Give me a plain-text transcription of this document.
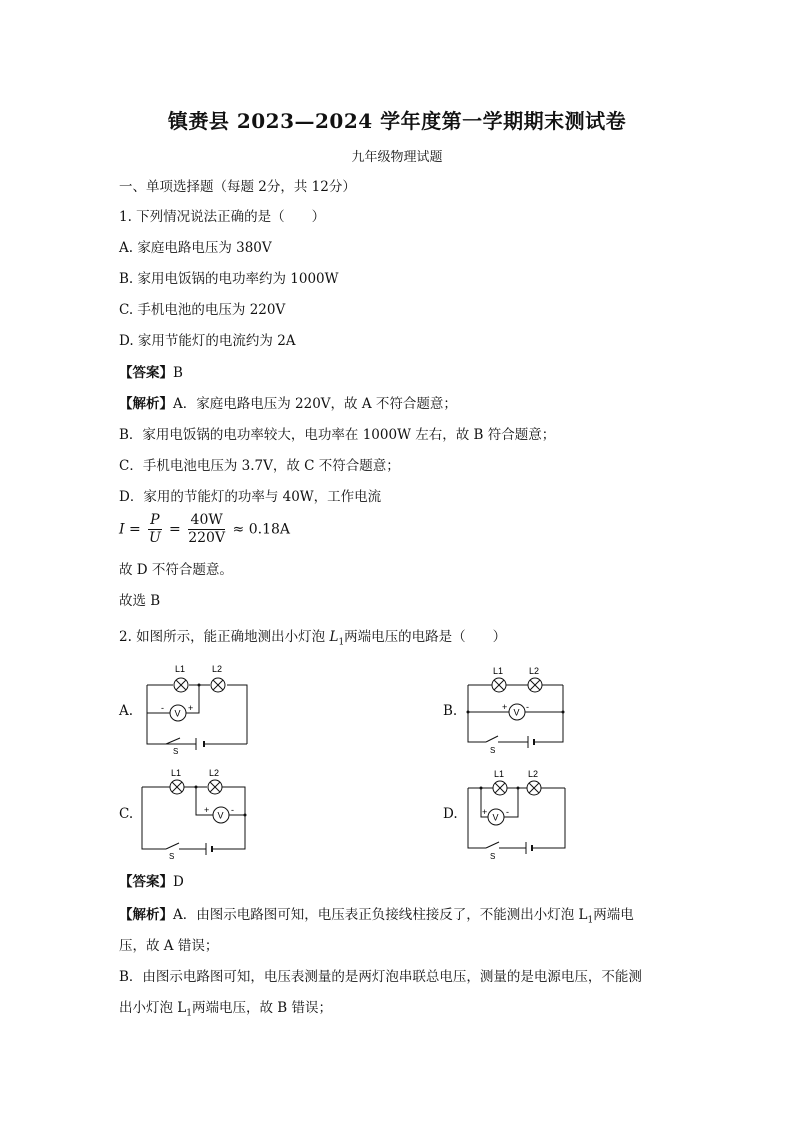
镇赉县 2023—2024 学年度第一学期期末测试卷
九年级物理试题
一、单项选择题（每题 2分，共 12分）
1. 下列情况说法正确的是（　　）
A. 家庭电路电压为 380V
B. 家用电饭锅的电功率约为 1000W
C. 手机电池的电压为 220V
D. 家用节能灯的电流约为 2A
【答案】B
【解析】A．家庭电路电压为 220V，故 A 不符合题意；
B．家用电饭锅的电功率较大，电功率在 1000W 左右，故 B 符合题意；
C．手机电池电压为 3.7V，故 C 不符合题意；
D．家用的节能灯的功率与 40W，工作电流
$I = \frac{P}{U} = \frac{40W}{220V} \approx 0.18A$
故 D 不符合题意。
故选 B
2. 如图所示，能正确地测出小灯泡 $L_1$两端电压的电路是（　　）
A.	B.
C.	D.
L1	L2
V
-	+
S
L1	L2
V
+ -
S
L1	L2
V
+ -
S
L1	L2
V
+ -
S
【答案】D
【解析】A．由图示电路图可知，电压表正负接线柱接反了，不能测出小灯泡 $L_1$两端电
压，故 A 错误；
B．由图示电路图可知，电压表测量的是两灯泡串联总电压，测量的是电源电压，不能测
出小灯泡 $L_1$两端电压，故 B 错误；
